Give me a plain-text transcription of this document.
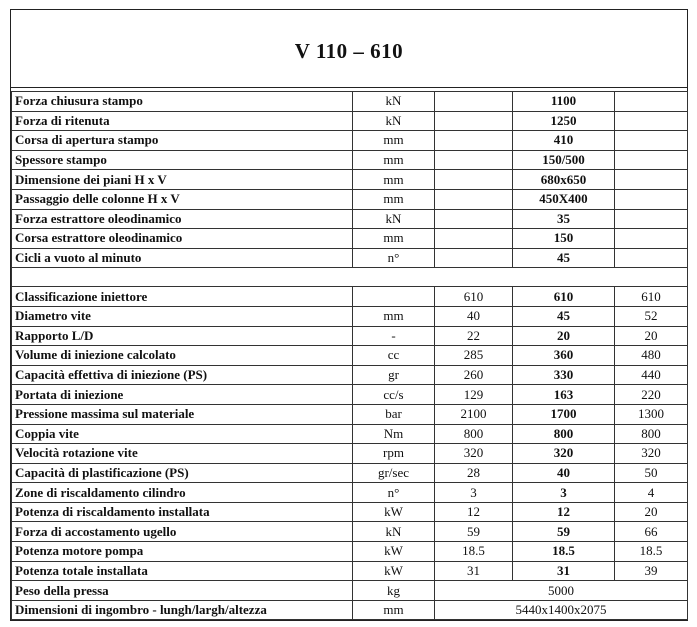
V 110 – 610
Forza chiusura stampo	kN		1100	
Forza di ritenuta	kN		1250	
Corsa di apertura stampo	mm		410	
Spessore stampo	mm		150/500	
Dimensione dei piani H x V	mm		680x650	
Passaggio delle colonne H x V	mm		450X400	
Forza estrattore oleodinamico	kN		35	
Corsa estrattore oleodinamico	mm		150	
Cicli a vuoto al minuto	n°		45	

Classificazione iniettore		610	610	610
Diametro vite	mm	40	45	52
Rapporto L/D	-	22	20	20
Volume di iniezione calcolato	cc	285	360	480
Capacità effettiva di iniezione (PS)	gr	260	330	440
Portata di iniezione	cc/s	129	163	220
Pressione massima sul materiale	bar	2100	1700	1300
Coppia vite	Nm	800	800	800
Velocità rotazione vite	rpm	320	320	320
Capacità di plastificazione (PS)	gr/sec	28	40	50
Zone di riscaldamento cilindro	n°	3	3	4
Potenza di riscaldamento installata	kW	12	12	20
Forza di accostamento ugello	kN	59	59	66
Potenza motore pompa	kW	18.5	18.5	18.5
Potenza totale installata	kW	31	31	39
Peso della pressa	kg	5000		
Dimensioni di ingombro - lungh/largh/altezza	mm	5440x1400x2075		
